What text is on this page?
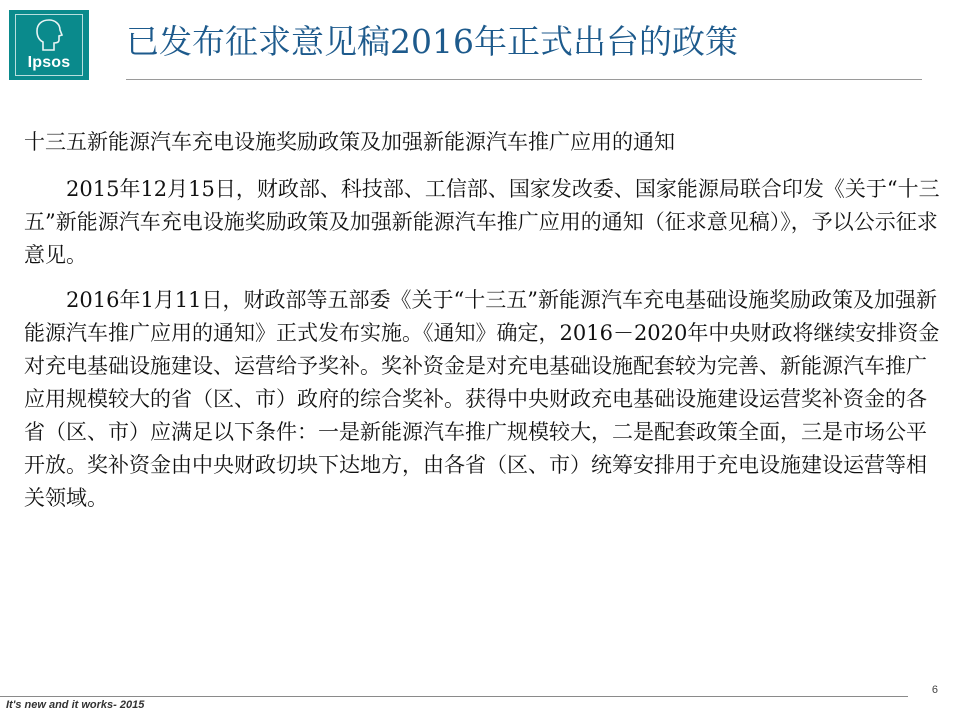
Ipsos
已发布征求意见稿2016年正式出台的政策

十三五新能源汽车充电设施奖励政策及加强新能源汽车推广应用的通知

2015年12月15日，财政部、科技部、工信部、国家发改委、国家能源局联合印发《关于“十三五”新能源汽车充电设施奖励政策及加强新能源汽车推广应用的通知（征求意见稿）》，予以公示征求意见。

2016年1月11日，财政部等五部委《关于“十三五”新能源汽车充电基础设施奖励政策及加强新能源汽车推广应用的通知》正式发布实施。《通知》确定，2016－2020年中央财政将继续安排资金对充电基础设施建设、运营给予奖补。奖补资金是对充电基础设施配套较为完善、新能源汽车推广应用规模较大的省（区、市）政府的综合奖补。获得中央财政充电基础设施建设运营奖补资金的各省（区、市）应满足以下条件：一是新能源汽车推广规模较大，二是配套政策全面，三是市场公平开放。奖补资金由中央财政切块下达地方，由各省（区、市）统筹安排用于充电设施建设运营等相关领域。

6
It's new and it works- 2015
